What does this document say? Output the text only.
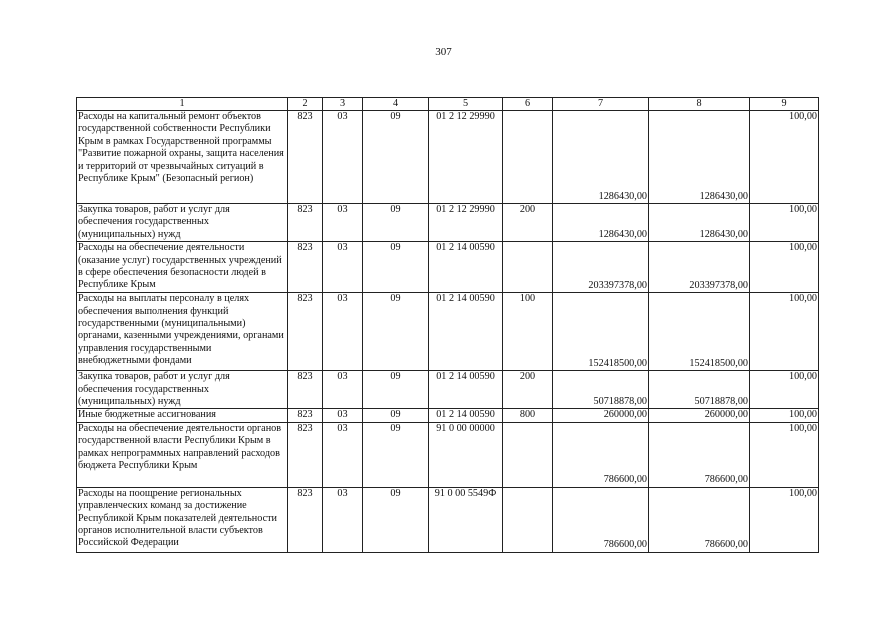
307
1	2	3	4	5	6	7	8	9
Расходы на капитальный ремонт объектов государственной собственности Республики Крым в рамках Государственной программы "Развитие пожарной охраны, защита населения и территорий от чрезвычайных ситуаций в Республике Крым" (Безопасный регион)	823	03	09	01 2 12 29990		1286430,00	1286430,00	100,00
Закупка товаров, работ и услуг для обеспечения государственных (муниципальных) нужд	823	03	09	01 2 12 29990	200	1286430,00	1286430,00	100,00
Расходы на обеспечение деятельности (оказание услуг) государственных учреждений в сфере обеспечения безопасности людей в Республике Крым	823	03	09	01 2 14 00590		203397378,00	203397378,00	100,00
Расходы на выплаты персоналу в целях обеспечения выполнения функций государственными (муниципальными) органами, казенными учреждениями, органами управления государственными внебюджетными фондами	823	03	09	01 2 14 00590	100	152418500,00	152418500,00	100,00
Закупка товаров, работ и услуг для обеспечения государственных (муниципальных) нужд	823	03	09	01 2 14 00590	200	50718878,00	50718878,00	100,00
Иные бюджетные ассигнования	823	03	09	01 2 14 00590	800	260000,00	260000,00	100,00
Расходы на обеспечение деятельности органов государственной власти Республики Крым в рамках непрограммных направлений расходов бюджета Республики Крым	823	03	09	91 0 00 00000		786600,00	786600,00	100,00
Расходы на поощрение региональных управленческих команд за достижение Республикой Крым показателей деятельности органов исполнительной власти субъектов Российской Федерации	823	03	09	91 0 00 5549Ф		786600,00	786600,00	100,00
